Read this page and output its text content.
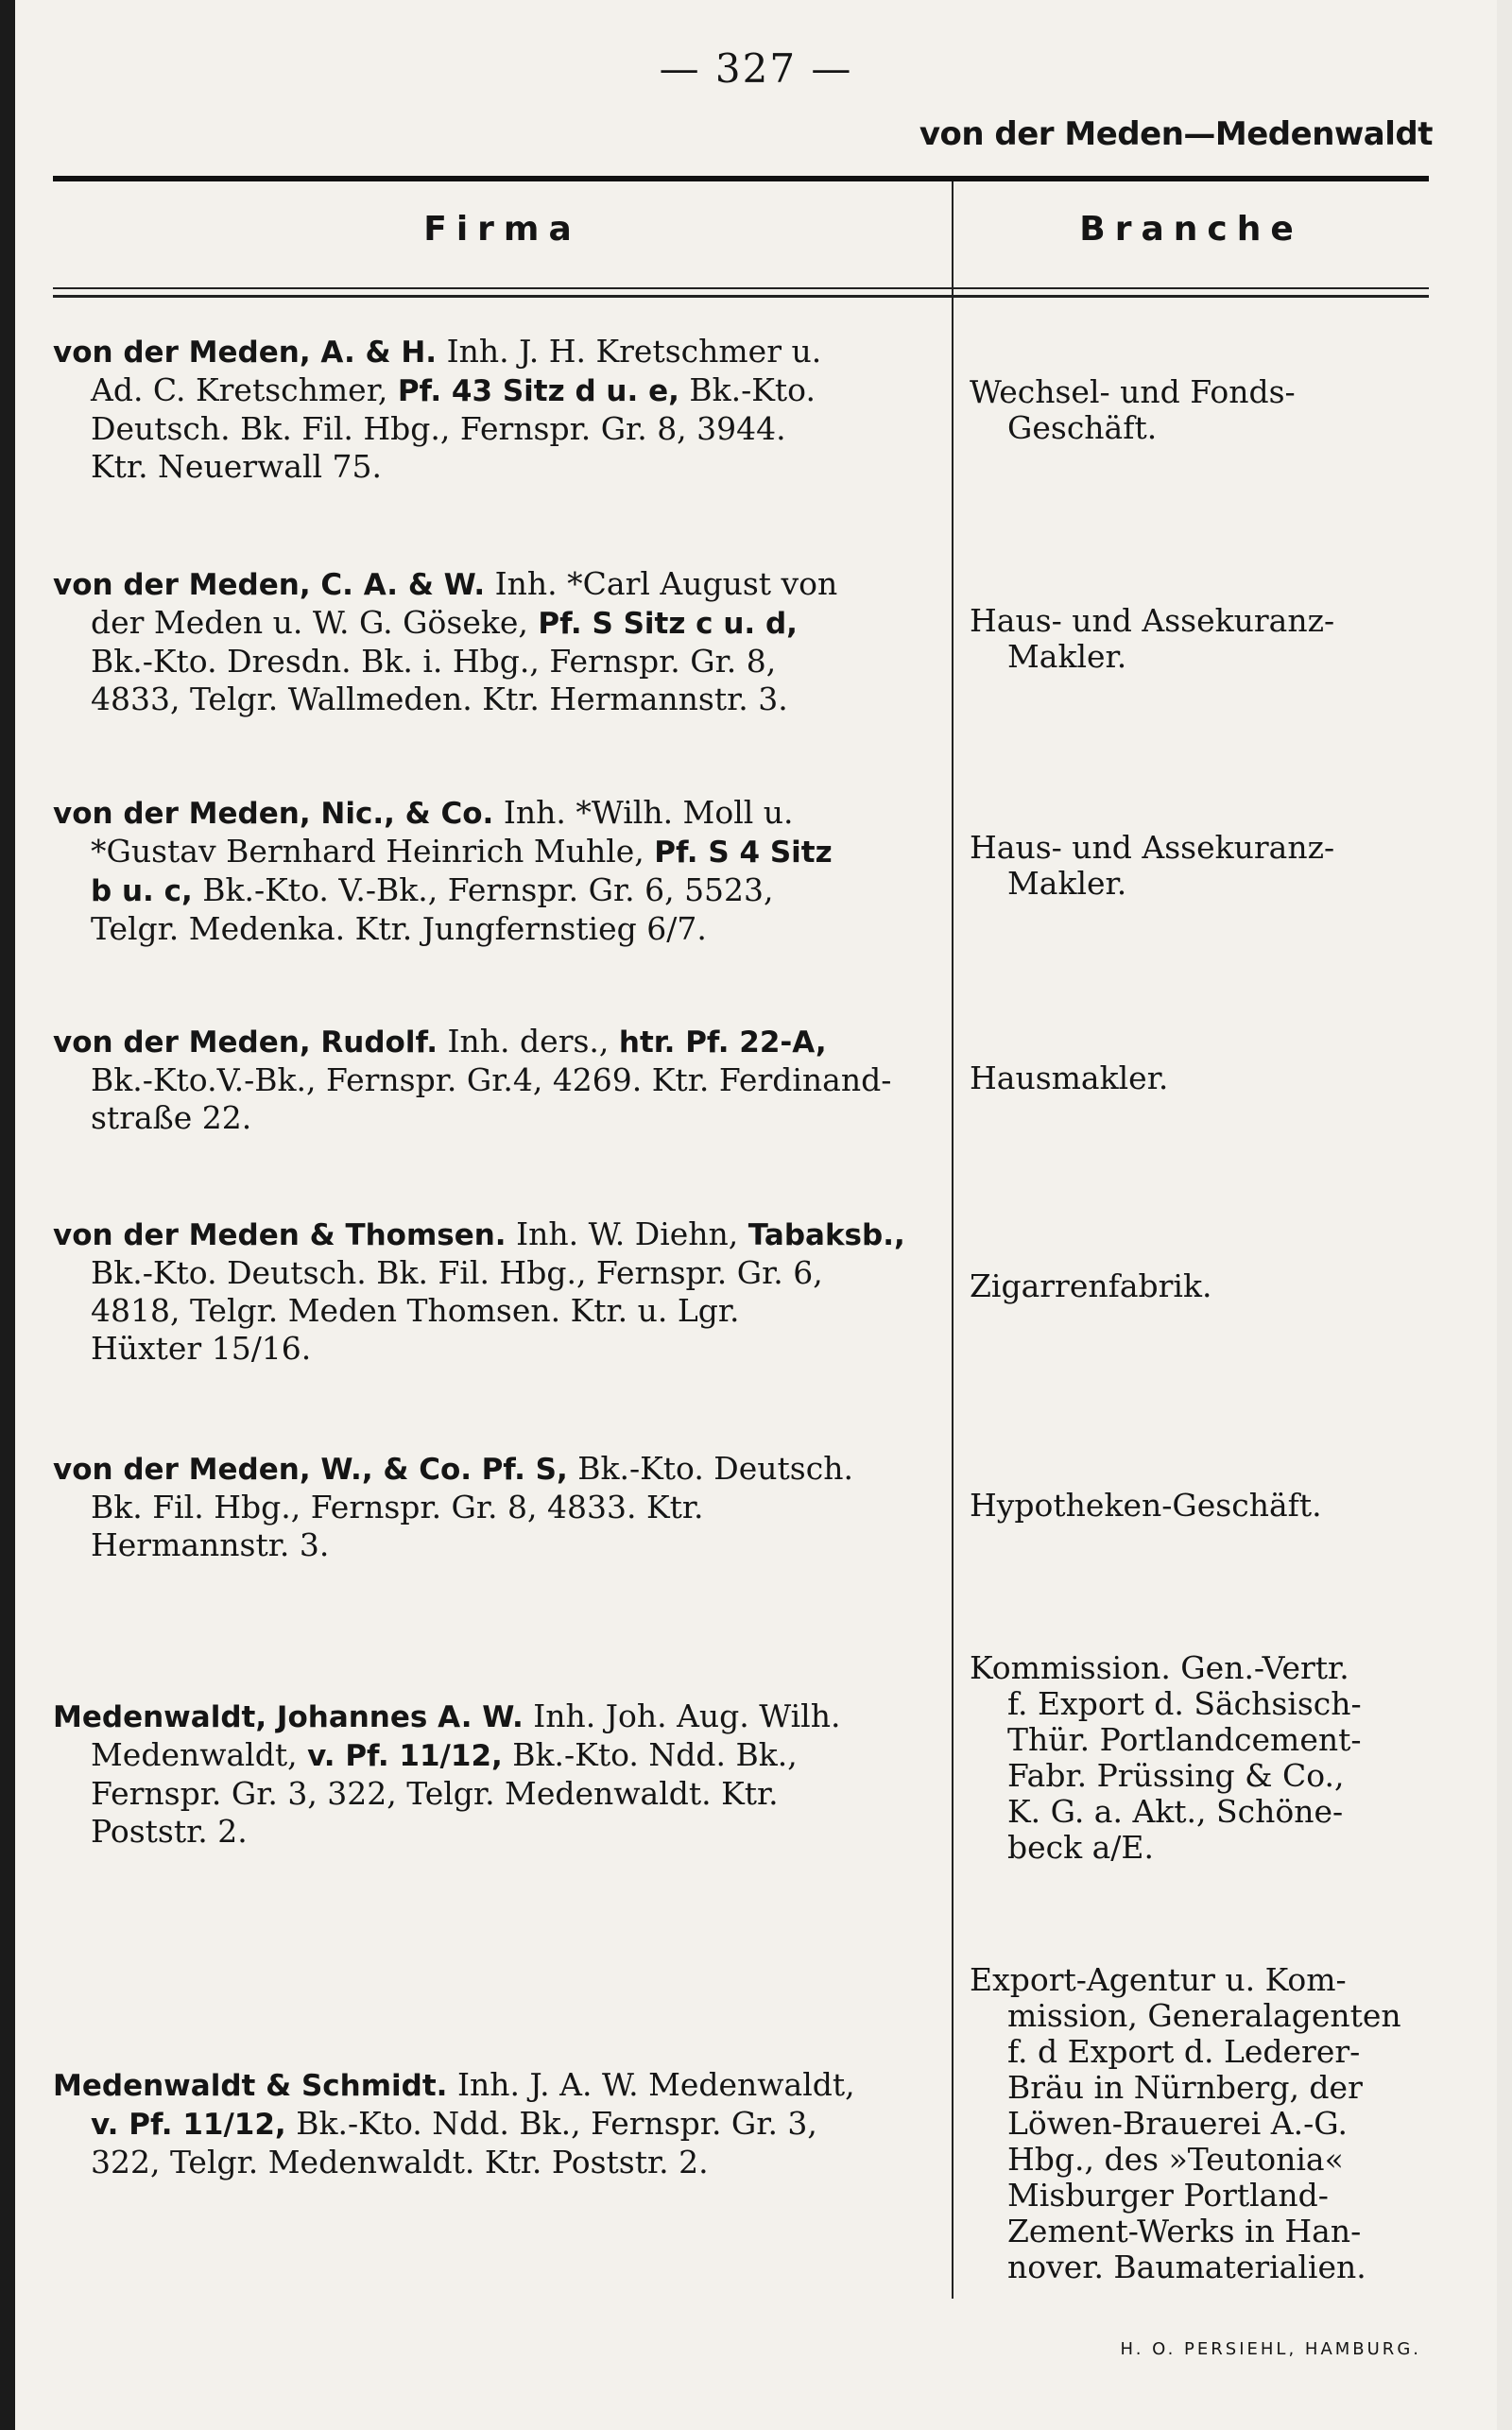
— 327 —
von der Meden—Medenwaldt
Firma	Branche
von der Meden, A. & H. Inh. J. H. Kretschmer u.
Ad. C. Kretschmer, Pf. 43 Sitz d u. e, Bk.-Kto.
Deutsch. Bk. Fil. Hbg., Fernspr. Gr. 8, 3944.
Ktr. Neuerwall 75.
Wechsel- und Fonds-
Geschäft.
von der Meden, C. A. & W. Inh. *Carl August von
der Meden u. W. G. Göseke, Pf. S Sitz c u. d,
Bk.-Kto. Dresdn. Bk. i. Hbg., Fernspr. Gr. 8,
4833, Telgr. Wallmeden. Ktr. Hermannstr. 3.
Haus- und Assekuranz-
Makler.
von der Meden, Nic., & Co. Inh. *Wilh. Moll u.
*Gustav Bernhard Heinrich Muhle, Pf. S 4 Sitz
b u. c, Bk.-Kto. V.-Bk., Fernspr. Gr. 6, 5523,
Telgr. Medenka. Ktr. Jungfernstieg 6/7.
Haus- und Assekuranz-
Makler.
von der Meden, Rudolf. Inh. ders., htr. Pf. 22-A,
Bk.-Kto.V.-Bk., Fernspr. Gr.4, 4269. Ktr. Ferdinand-
straße 22.
Hausmakler.
von der Meden & Thomsen. Inh. W. Diehn, Tabaksb.,
Bk.-Kto. Deutsch. Bk. Fil. Hbg., Fernspr. Gr. 6,
4818, Telgr. Meden Thomsen. Ktr. u. Lgr.
Hüxter 15/16.
Zigarrenfabrik.
von der Meden, W., & Co. Pf. S, Bk.-Kto. Deutsch.
Bk. Fil. Hbg., Fernspr. Gr. 8, 4833. Ktr.
Hermannstr. 3.
Hypotheken-Geschäft.
Medenwaldt, Johannes A. W. Inh. Joh. Aug. Wilh.
Medenwaldt, v. Pf. 11/12, Bk.-Kto. Ndd. Bk.,
Fernspr. Gr. 3, 322, Telgr. Medenwaldt. Ktr.
Poststr. 2.
Kommission. Gen.-Vertr.
f. Export d. Sächsisch-
Thür. Portlandcement-
Fabr. Prüssing & Co.,
K. G. a. Akt., Schöne-
beck a/E.
Medenwaldt & Schmidt. Inh. J. A. W. Medenwaldt,
v. Pf. 11/12, Bk.-Kto. Ndd. Bk., Fernspr. Gr. 3,
322, Telgr. Medenwaldt. Ktr. Poststr. 2.
Export-Agentur u. Kom-
mission, Generalagenten
f. d Export d. Lederer-
Bräu in Nürnberg, der
Löwen-Brauerei A.-G.
Hbg., des »Teutonia«
Misburger Portland-
Zement-Werks in Han-
nover. Baumaterialien.
H. O. PERSIEHL, HAMBURG.
